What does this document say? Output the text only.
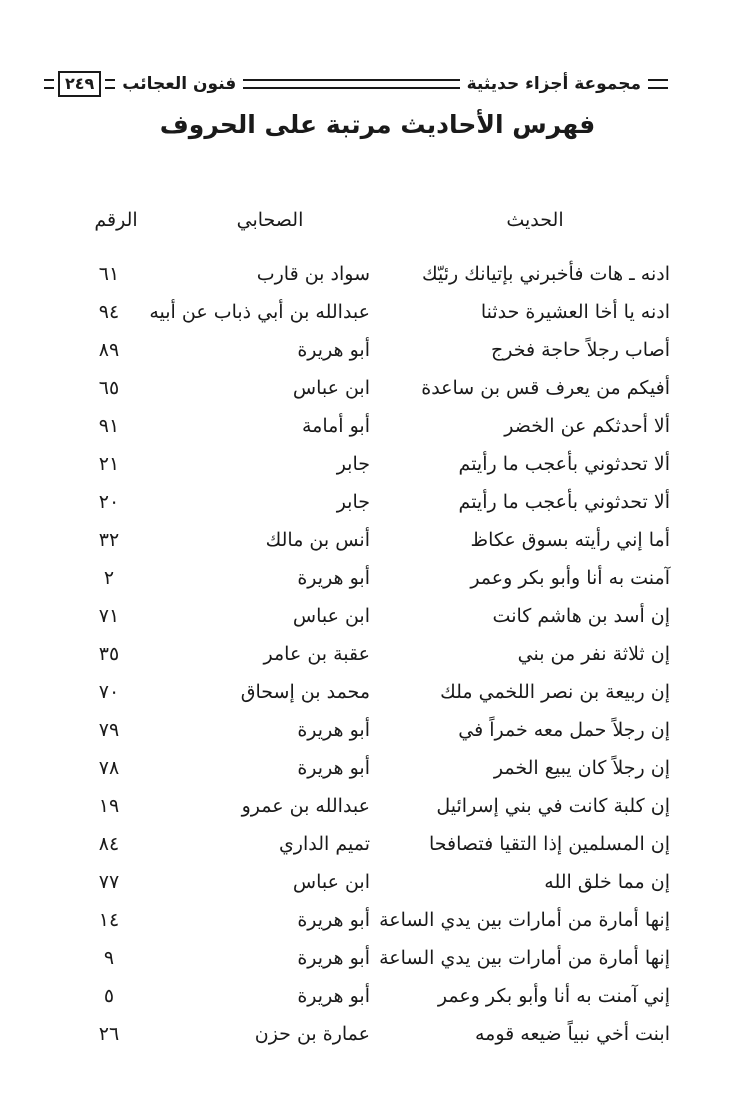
مجموعة أجزاء حديثية
فنون العجائب
٢٤٩
فهرس الأحاديث مرتبة على الحروف
الحديث
الصحابي
الرقم
ادنه ـ هات فأخبرني بإتيانك رئيّك
سواد بن قارب
٦١
ادنه يا أخا العشيرة حدثنا
عبدالله بن أبي ذباب عن أبيه
٩٤
أصاب رجلاً حاجة فخرج
أبو هريرة
٨٩
أفيكم من يعرف قس بن ساعدة
ابن عباس
٦٥
ألا أحدثكم عن الخضر
أبو أمامة
٩١
ألا تحدثوني بأعجب ما رأيتم
جابر
٢١
ألا تحدثوني بأعجب ما رأيتم
جابر
٢٠
أما إني رأيته بسوق عكاظ
أنس بن مالك
٣٢
آمنت به أنا وأبو بكر وعمر
أبو هريرة
٢
إن أسد بن هاشم كانت
ابن عباس
٧١
إن ثلاثة نفر من بني
عقبة بن عامر
٣٥
إن ربيعة بن نصر اللخمي ملك
محمد بن إسحاق
٧٠
إن رجلاً حمل معه خمراً في
أبو هريرة
٧٩
إن رجلاً كان يبيع الخمر
أبو هريرة
٧٨
إن كلبة كانت في بني إسرائيل
عبدالله بن عمرو
١٩
إن المسلمين إذا التقيا فتصافحا
تميم الداري
٨٤
إن مما خلق الله
ابن عباس
٧٧
إنها أمارة من أمارات بين يدي الساعة
أبو هريرة
١٤
إنها أمارة من أمارات بين يدي الساعة
أبو هريرة
٩
إني آمنت به أنا وأبو بكر وعمر
أبو هريرة
٥
ابنت أخي نبياً ضيعه قومه
عمارة بن حزن
٢٦
